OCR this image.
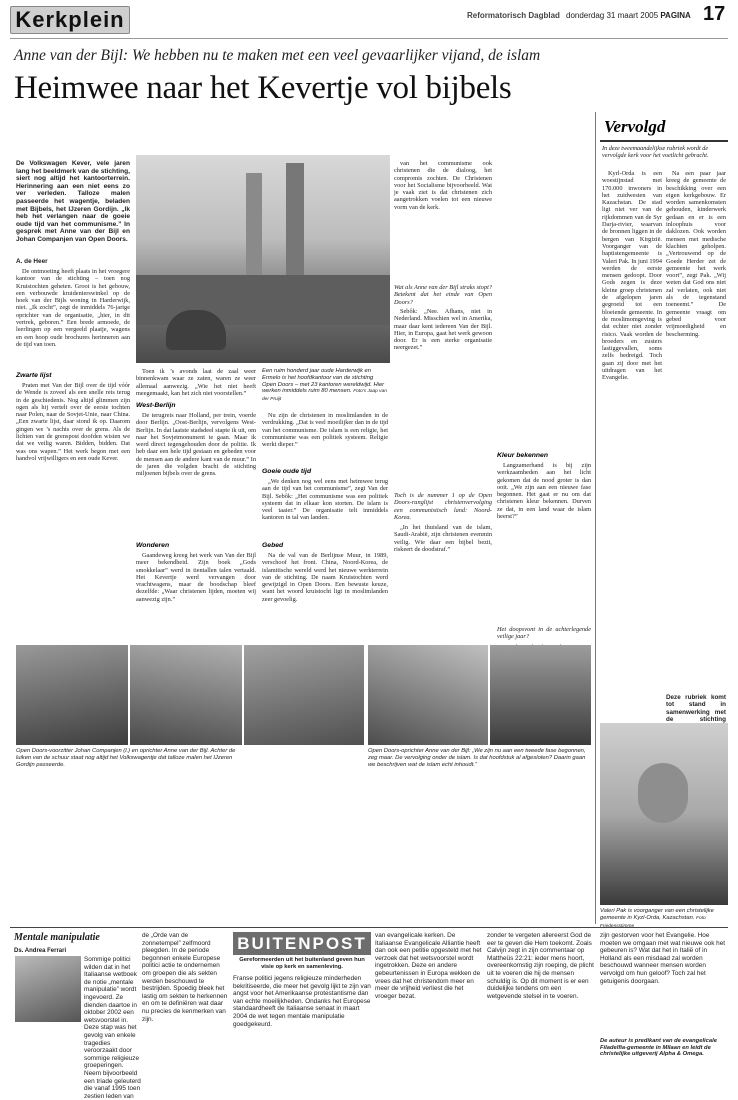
Kerkplein	Reformatorisch Dagblad donderdag 31 maart 2005 PAGINA 17
Anne van der Bijl: We hebben nu te maken met een veel gevaarlijker vijand, de islam
Heimwee naar het Kevertje vol bijbels
De Volkswagen Kever, vele jaren lang het beeldmerk van de stichting, siert nog altijd het kantoorterrein. Herinnering aan een niet eens zo ver verleden. Talloze malen passeerde het wagentje, beladen met Bijbels, het IJzeren Gordijn. „Ik heb het verlangen naar de goeie oude tijd van het communisme.” In gesprek met Anne van der Bijl en Johan Companjen van Open Doors.
A. de Heer

De ontmoeting heeft plaats in het vroegere kantoor van de stichting – toen nog Kruistochten geheten. Groot is het gebouw, een verbouwde kruidenierswinkel op de hoek van der Bijls woning in Harderwijk, niet. „Ik zocht”, zegt de inmiddels 76-jarige oprichter van de organisatie, „hier, in dit vertrek, geboren.” Een brede armoede, de leerlingen op een vergeeld plaatje, wagens en een hoop oude brochures herinneren aan de tijd van toen.

Zwarte lijst

Praten met Van der Bijl over de tijd vóór de Wende is zoveel als een snelle reis terug in de geschiedenis. Nog altijd glimmen zijn ogen als hij vertelt over de eerste tochten naar Polen, naar de Sovjet-Unie, naar China. „Een zwarte lijst, daar stond ik op. Daarom gingen we ’s nachts over de grens. Als de lichten van de grenspost doofden wisten we dat we veilig waren. Bidden, bidden. Dat was ons wapen.” Het werk begon met een handvol vrijwilligers en een oude Kever.

Toen ik ’s avonds laat de zaal weer binnenkwam waar ze zaten, waren ze weer allemaal aanwezig. „Wie het niet heeft meegemaakt, kan het zich niet voorstellen.”

West-Berlijn

De terugreis naar Holland, per trein, voerde door Berlijn. „Oost-Berlijn, vervolgens West-Berlijn. In dat laatste stadsdeel stapte ik uit, om naar het Sovjetmonument te gaan. Maar ik werd direct tegengehouden door de politie. Ik heb daar een hele tijd gestaan en gebeden voor de mensen aan de andere kant van de muur.” In de jaren die volgden bracht de stichting miljoenen bijbels over de grens.

Wonderen

Gaandeweg kreeg het werk van Van der Bijl meer bekendheid. Zijn boek „Gods smokkelaar” werd in tientallen talen vertaald. Het Kevertje werd vervangen door vrachtwagens, maar de boodschap bleef dezelfde: „Waar christenen lijden, moeten wij aanwezig zijn.”

Een ruim honderd jaar oude Harderwijk en Ermelo is het hoofdkantoor van de stichting Open Doors – met 23 kantoren wereldwijd. Hier werken inmiddels ruim 80 mensen. Foto's Jaap van der Pruijt

Nu zijn de christenen in moslimlanden in de verdrukking. „Dat is veel moeilijker dan in de tijd van het communisme. De islam is een religie, het communisme was een politiek systeem. Religie werkt dieper.”

Goeie oude tijd

„We denken nog wel eens met heimwee terug aan de tijd van het communisme”, zegt Van der Bijl. Sebôk: „Het communisme was een politiek systeem dat in elkaar kon storten. De islam is veel taaier.” De organisatie telt inmiddels kantoren in tal van landen.

Gebed

Na de val van de Berlijnse Muur, in 1989, verschoof het front. China, Noord-Korea, de islamitische wereld werd het nieuwe werkterrein van de stichting. De naam Kruistochten werd gewijzigd in Open Doors. Een bewuste keuze, want het woord kruistocht ligt in moslimlanden zeer gevoelig.

van het communisme ook christenen die de dialoog, het compromis zochten. De Christenen voor het Socialisme bijvoorbeeld. Wat je vaak ziet is dat christenen zich aangetrokken voelen tot een nieuwe vorm van de kerk.

Wat als Anne van der Bijl straks stopt? Betekent dat het einde van Open Doors?

Sebôk: „Nee. Afhans, niet in Nederland. Misschien wel in Amerika, maar daar kent iedereen Van der Bijl. Hier, in Europa, gaat het werk gewoon door. Er is een sterke organisatie neergezet.”

Toch is de nummer 1 op de Open Doors-ranglijst christenvervolging een communistisch land: Noord-Korea.

„In het thuisland van de islam, Saudi-Arabië, zijn christenen evenmin veilig. Wie daar een bijbel bezit, riskeert de doodstraf.”

Kleur bekennen

Langzamerhand is bij zijn werkzaamheden aan het licht gekomen dat de nood groter is dan ooit. „We zijn aan een nieuwe fase begonnen. Het gaat er nu om dat christenen kleur bekennen. Durven ze dat, in een land waar de islam heerst?”

Het doopsvont in de achterlegende veilige jaar?

Open Doors-voorzitter Johan Companjen (l.) en oprichter Anne van der Bijl. Achter de luiken van de schuur staat nog altijd het Volkswagentje dat talloze malen het IJzeren Gordijn passeerde.
Open Doors-oprichter Anne van der Bijl: „We zijn nu aan een tweede fase begonnen, zeg maar. De vervolging onder de islam. Is dat hoofdstuk al afgesloten? Daarin gaan we beschrijven wat de islam echt inhoudt.”
Vervolgd
In deze tweemaandelijkse rubriek wordt de vervolgde kerk voor het voetlicht gebracht.

Kyrl-Orda is een woestijnstad met 170.000 inwoners in het zuidwesten van Kazachstan. De stad ligt niet ver van de rijkdommen van de Syr Darja-rivier, waarvan de bronnen liggen in de bergen van Kirgizië. Voorganger van de baptistengemeente is Valeri Pak. In juni 1994 werden de eerste mensen gedoopt. Door Gods zegen is deze kleine groep christenen de afgelopen jaren gegroeid tot een bloeiende gemeente. In de moslimomgeving is dat echter niet zonder risico. Vaak worden de broeders en zusters lastiggevallen, soms zelfs bedreigd. Toch gaan zij door met het uitdragen van het Evangelie.

Na een paar jaar kreeg de gemeente de beschikking over een eigen kerkgebouw. Er worden samenkomsten gehouden, kinderwerk gedaan en er is een inloophuis voor daklozen. Ook worden mensen met medische klachten geholpen. „Vertrouwend op de Goede Herder zet de gemeente het werk voort”, zegt Pak. „Wij weten dat God ons niet zal verlaten, ook niet als de tegenstand toeneemt.” De gemeente vraagt om gebed voor vrijmoedigheid en bescherming.

Deze rubriek komt tot stand in samenwerking met de stichting
Valeri Pak is voorganger van een christelijke gemeente in Kyzl-Orda, Kazachstan. Foto
Mentale manipulatie
Ds. Andrea Ferrari
Sommige politici wilden dat in het Italiaanse wetboek de notie „mentale manipulatie” wordt ingevoerd. Ze dienden daartoe in oktober 2002 een wetsvoorstel in. Deze stap was het gevolg van enkele tragedies veroorzaakt door sommige religieuze groeperingen. Neem bijvoorbeeld een triade geleuterd die vanaf 1995 toen zestien leden van
de „Orde van de zonnetempel” zelfmoord pleegden. In de periode begonnen enkele Europese politici actie te ondernemen om groepen die als sekten werden beschouwd te bestrijden. Spoedig bleek het lastig om sekten te herkennen en om te definiëren wat daar nu precies de kenmerken van zijn.
BUITENPOST
Gereformeerden uit het buitenland geven hun visie op kerk en samenleving.
Franse politici jegens religieuze minderheden bekritiseerde, die meer het gevolg lijkt te zijn van angst voor het Amerikaanse protestantisme dan van echte moeilijkheden. Ondanks het Europese standaardheeft de Italiaanse senaat in maart 2004 de wet tegen mentale manipulatie goedgekeurd.
van evangelicale kerken. De Italiaanse Evangelicale Alliantie heeft dan ook een petitie opgesteld met het verzoek dat het wetsvoorstel wordt ingetrokken. Deze en andere gebeurtenissen in Europa wekken de vrees dat het christendom meer en meer de vrijheid verliest die het vroeger bezat.
zonder te vergeten allereerst God de eer te geven die Hem toekomt. Zoals Calvijn zegt in zijn commentaar op Mattheüs 22:21: ieder mens hoort, overeenkomstig zijn roeping, de plicht uit te voeren die hij de mensen schuldig is. Op dit moment is er een duidelijke tendens om een wetgevende stelsel in te voeren.
zijn gestorven voor het Evangelie. Hoe moeten we omgaan met wat nieuwe ook het gebeuren is? Wat dat het in Italië of in Holland als een misdaad zal worden beschouwd wanneer mensen worden vervolgd om hun geloof? Toch zal het getuigenis doorgaan.
De auteur is predikant van de evangelicale Filadelfia-gemeente in Milaan en leidt de christelijke uitgeverij Alpha & Omega.
